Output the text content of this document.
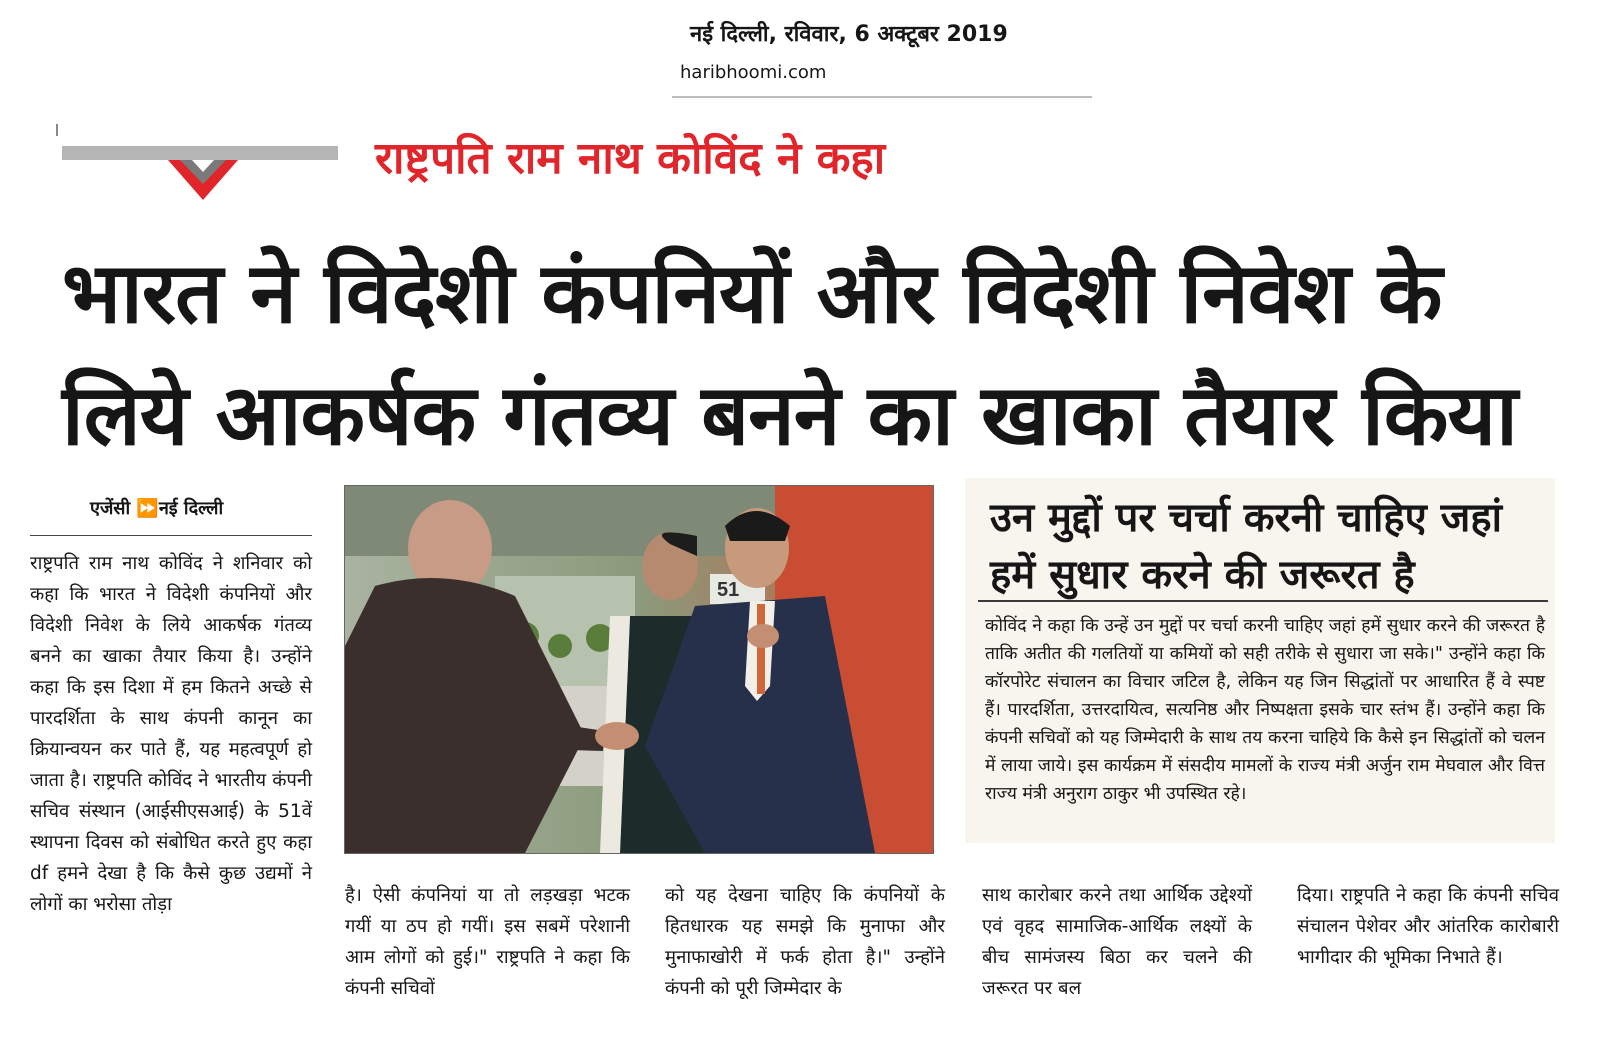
नई दिल्ली, रविवार, 6 अक्टूबर 2019
haribhoomi.com
राष्ट्रपति राम नाथ कोविंद ने कहा
भारत ने विदेशी कंपनियों और विदेशी निवेश के
लिये आकर्षक गंतव्य बनने का खाका तैयार किया
एजेंसी ⏩नई दिल्ली
राष्ट्रपति राम नाथ कोविंद ने शनिवार को कहा कि भारत ने विदेशी कंपनियों और विदेशी निवेश के लिये आकर्षक गंतव्य बनने का खाका तैयार किया है। उन्होंने कहा कि इस दिशा में हम कितने अच्छे से पारदर्शिता के साथ कंपनी कानून का क्रियान्वयन कर पाते हैं, यह महत्वपूर्ण हो जाता है। राष्ट्रपति कोविंद ने भारतीय कंपनी सचिव संस्थान (आईसीएसआई) के 51वें स्थापना दिवस को संबोधित करते हुए कहा df हमने देखा है कि कैसे कुछ उद्यमों ने लोगों का भरोसा तोड़ा
51
उन मुद्दों पर चर्चा करनी चाहिए जहां
हमें सुधार करने की जरूरत है
कोविंद ने कहा कि उन्हें उन मुद्दों पर चर्चा करनी चाहिए जहां हमें सुधार करने की जरूरत है ताकि अतीत की गलतियों या कमियों को सही तरीके से सुधारा जा सके।" उन्होंने कहा कि कॉरपोरेट संचालन का विचार जटिल है, लेकिन यह जिन सिद्धांतों पर आधारित हैं वे स्पष्ट हैं। पारदर्शिता, उत्तरदायित्व, सत्यनिष्ठ और निष्पक्षता इसके चार स्तंभ हैं। उन्होंने कहा कि कंपनी सचिवों को यह जिम्मेदारी के साथ तय करना चाहिये कि कैसे इन सिद्धांतों को चलन में लाया जाये। इस कार्यक्रम में संसदीय मामलों के राज्य मंत्री अर्जुन राम मेघवाल और वित्त राज्य मंत्री अनुराग ठाकुर भी उपस्थित रहे।
है। ऐसी कंपनियां या तो लड़खड़ा भटक गयीं या ठप हो गयीं। इस सबमें परेशानी आम लोगों को हुई।" राष्ट्रपति ने कहा कि कंपनी सचिवों
को यह देखना चाहिए कि कंपनियों के हितधारक यह समझे कि मुनाफा और मुनाफाखोरी में फर्क होता है।" उन्होंने कंपनी को पूरी जिम्मेदार के
साथ कारोबार करने तथा आर्थिक उद्देश्यों एवं वृहद सामाजिक-आर्थिक लक्ष्यों के बीच सामंजस्य बिठा कर चलने की जरूरत पर बल
दिया। राष्ट्रपति ने कहा कि कंपनी सचिव संचालन पेशेवर और आंतरिक कारोबारी भागीदार की भूमिका निभाते हैं।
